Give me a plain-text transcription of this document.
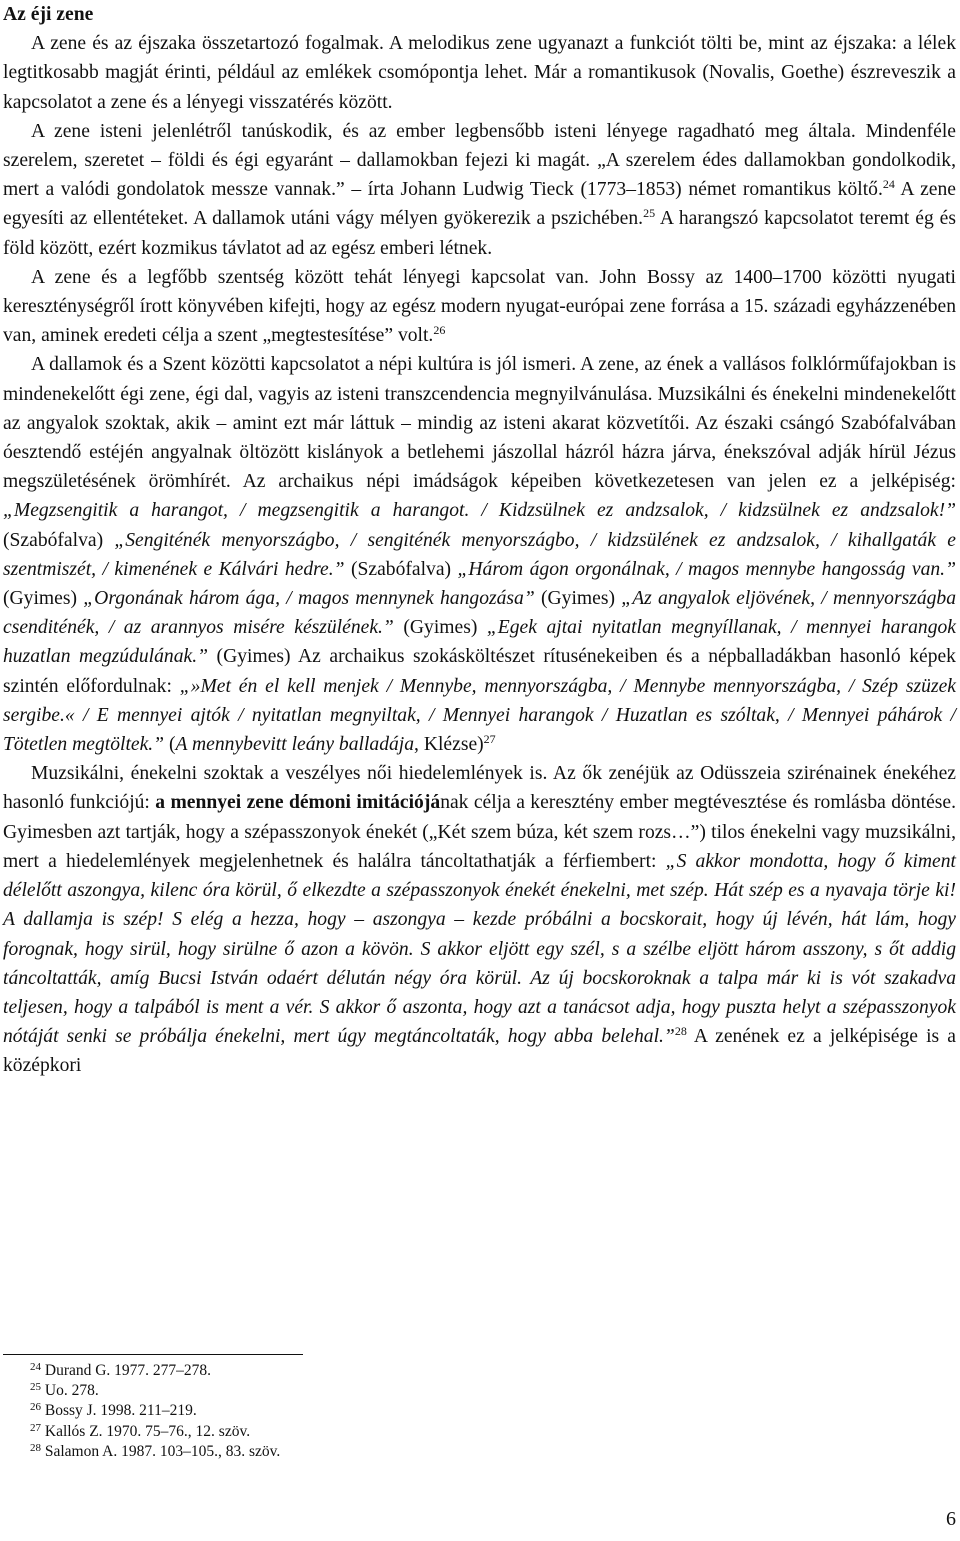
Az éji zene

A zene és az éjszaka összetartozó fogalmak. A melodikus zene ugyanazt a funkciót tölti be, mint az éjszaka: a lélek legtitkosabb magját érinti, például az emlékek csomópontja lehet. Már a romantikusok (Novalis, Goethe) észreveszik a kapcsolatot a zene és a lényegi visszatérés között.

A zene isteni jelenlétről tanúskodik, és az ember legbensőbb isteni lényege ragadható meg általa. Mindenféle szerelem, szeretet – földi és égi egyaránt – dallamokban fejezi ki magát. „A szerelem édes dallamokban gondolkodik, mert a valódi gondolatok messze vannak.” – írta Johann Ludwig Tieck (1773–1853) német romantikus költő.$^{24}$ A zene egyesíti az ellentéteket. A dallamok utáni vágy mélyen gyökerezik a pszichében.$^{25}$ A harangszó kapcsolatot teremt ég és föld között, ezért kozmikus távlatot ad az egész emberi létnek.

A zene és a legfőbb szentség között tehát lényegi kapcsolat van. John Bossy az 1400–1700 közötti nyugati kereszténységről írott könyvében kifejti, hogy az egész modern nyugat-európai zene forrása a 15. századi egyházzenében van, aminek eredeti célja a szent „megtestesítése” volt.$^{26}$

A dallamok és a Szent közötti kapcsolatot a népi kultúra is jól ismeri. A zene, az ének a vallásos folklórműfajokban is mindenekelőtt égi zene, égi dal, vagyis az isteni transzcendencia megnyilvánulása. Muzsikálni és énekelni mindenekelőtt az angyalok szoktak, akik – amint ezt már láttuk – mindig az isteni akarat közvetítői. Az északi csángó Szabófalvában óesztendő estéjén angyalnak öltözött kislányok a betlehemi jászollal házról házra járva, énekszóval adják hírül Jézus megszületésének örömhírét. Az archaikus népi imádságok képeiben következetesen van jelen ez a jelképiség: „Megzsengitik a harangot, / megzsengitik a harangot. / Kidzsülnek ez andzsalok, / kidzsülnek ez andzsalok!” (Szabófalva) „Sengiténék menyországbo, / sengiténék menyországbo, / kidzsülének ez andzsalok, / kihallgaták e szentmiszét, / kimenének e Kálvári hedre.” (Szabófalva) „Három ágon orgonálnak, / magos mennybe hangosság van.” (Gyimes) „Orgonának három ága, / magos mennynek hangozása” (Gyimes) „Az angyalok eljövének, / mennyországba csenditénék, / az arannyos misére készülének.” (Gyimes) „Egek ajtai nyitatlan megnyíllanak, / mennyei harangok huzatlan megzúdulának.” (Gyimes) Az archaikus szokásköltészet rítusénekeiben és a népballadákban hasonló képek szintén előfordulnak: „»Met én el kell menjek / Mennybe, mennyországba, / Mennybe mennyországba, / Szép szüzek sergibe.« / E mennyei ajtók / nyitatlan megnyiltak, / Mennyei harangok / Huzatlan es szóltak, / Mennyei páhárok / Tötetlen megtöltek.” (A mennybevitt leány balladája, Klézse)$^{27}$

Muzsikálni, énekelni szoktak a veszélyes női hiedelemlények is. Az ők zenéjük az Odüsszeia szirénainek énekéhez hasonló funkciójú: a mennyei zene démoni imitációjának célja a keresztény ember megtévesztése és romlásba döntése. Gyimesben azt tartják, hogy a szépasszonyok énekét („Két szem búza, két szem rozs…”) tilos énekelni vagy muzsikálni, mert a hiedelemlények megjelenhetnek és halálra táncoltathatják a férfiembert: „S akkor mondotta, hogy ő kiment délelőtt aszongya, kilenc óra körül, ő elkezdte a szépasszonyok énekét énekelni, met szép. Hát szép es a nyavaja törje ki! A dallamja is szép! S elég a hezza, hogy – aszongya – kezde próbálni a bocskorait, hogy új lévén, hát lám, hogy forognak, hogy sirül, hogy sirülne ő azon a kövön. S akkor eljött egy szél, s a szélbe eljött három asszony, s őt addig táncoltatták, amíg Bucsi István odaért délután négy óra körül. Az új bocskoroknak a talpa már ki is vót szakadva teljesen, hogy a talpából is ment a vér. S akkor ő aszonta, hogy azt a tanácsot adja, hogy puszta helyt a szépasszonyok nótáját senki se próbálja énekelni, mert úgy megtáncoltaták, hogy abba belehal.”$^{28}$ A zenének ez a jelképisége is a középkori

$^{24}$ Durand G. 1977. 277–278.
$^{25}$ Uo. 278.
$^{26}$ Bossy J. 1998. 211–219.
$^{27}$ Kallós Z. 1970. 75–76., 12. szöv.
$^{28}$ Salamon A. 1987. 103–105., 83. szöv.
6
